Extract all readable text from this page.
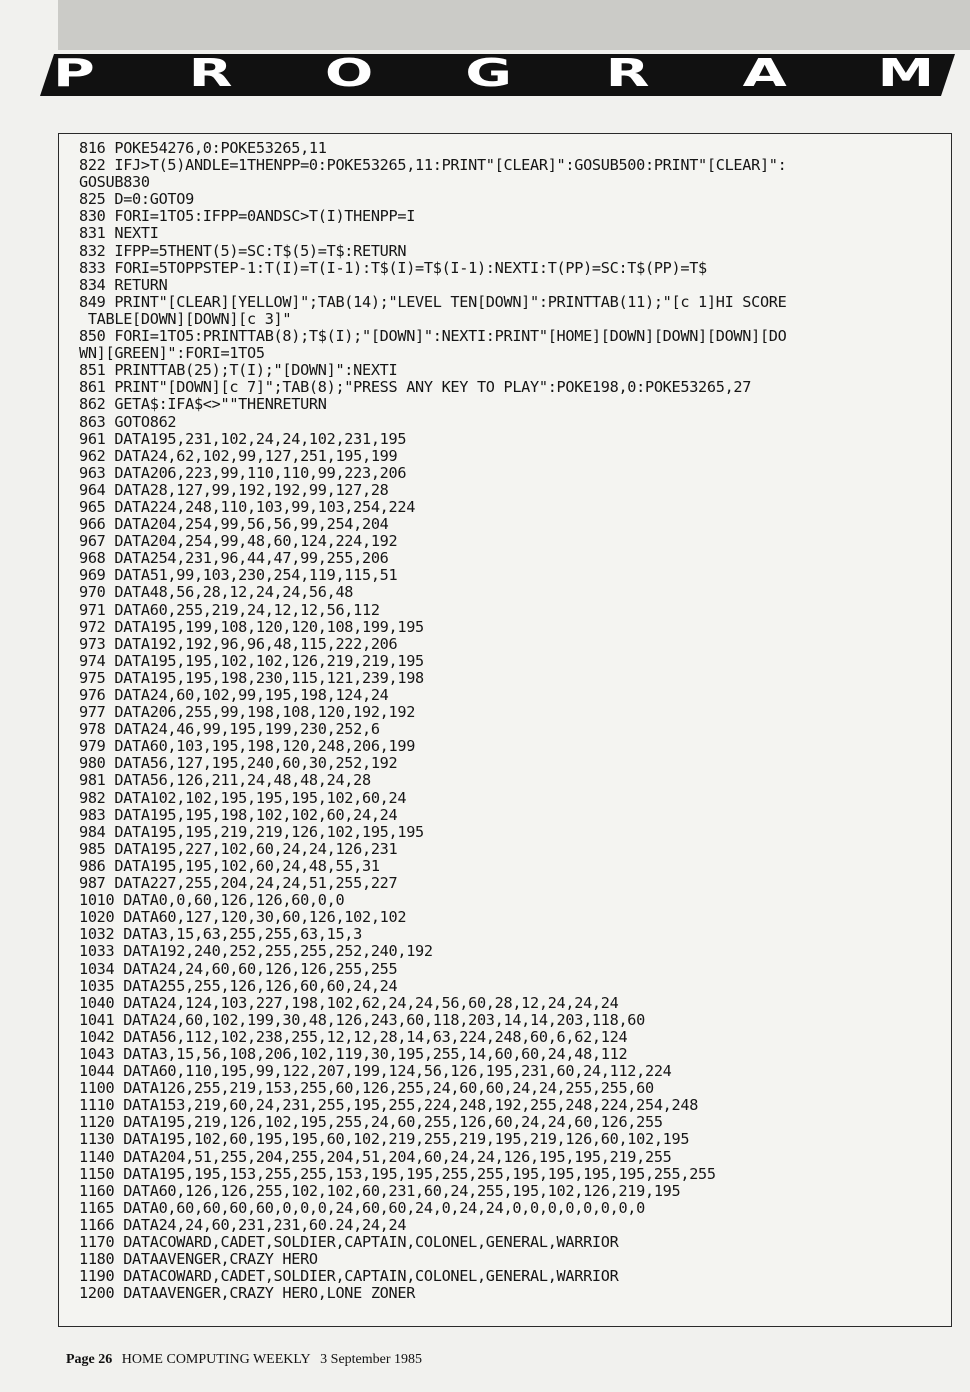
P R O G R A M
816 POKE54276,0:POKE53265,11
822 IFJ>T(5)ANDLE=1THENPP=0:POKE53265,11:PRINT"[CLEAR]":GOSUB500:PRINT"[CLEAR]":
GOSUB830
825 D=0:GOTO9
830 FORI=1TO5:IFPP=0ANDSC>T(I)THENPP=I
831 NEXTI
832 IFPP=5THENT(5)=SC:T$(5)=T$:RETURN
833 FORI=5TOPPSTEP-1:T(I)=T(I-1):T$(I)=T$(I-1):NEXTI:T(PP)=SC:T$(PP)=T$
834 RETURN
849 PRINT"[CLEAR][YELLOW]";TAB(14);"LEVEL TEN[DOWN]":PRINTTAB(11);"[c 1]HI SCORE
TABLE[DOWN][DOWN][c 3]"
850 FORI=1TO5:PRINTTAB(8);T$(I);"[DOWN]":NEXTI:PRINT"[HOME][DOWN][DOWN][DOWN][DO
WN][GREEN]":FORI=1TO5
851 PRINTTAB(25);T(I);"[DOWN]":NEXTI
861 PRINT"[DOWN][c 7]";TAB(8);"PRESS ANY KEY TO PLAY":POKE198,0:POKE53265,27
862 GETA$:IFA$<>""THENRETURN
863 GOTO862
961 DATA195,231,102,24,24,102,231,195
962 DATA24,62,102,99,127,251,195,199
963 DATA206,223,99,110,110,99,223,206
964 DATA28,127,99,192,192,99,127,28
965 DATA224,248,110,103,99,103,254,224
966 DATA204,254,99,56,56,99,254,204
967 DATA204,254,99,48,60,124,224,192
968 DATA254,231,96,44,47,99,255,206
969 DATA51,99,103,230,254,119,115,51
970 DATA48,56,28,12,24,24,56,48
971 DATA60,255,219,24,12,12,56,112
972 DATA195,199,108,120,120,108,199,195
973 DATA192,192,96,96,48,115,222,206
974 DATA195,195,102,102,126,219,219,195
975 DATA195,195,198,230,115,121,239,198
976 DATA24,60,102,99,195,198,124,24
977 DATA206,255,99,198,108,120,192,192
978 DATA24,46,99,195,199,230,252,6
979 DATA60,103,195,198,120,248,206,199
980 DATA56,127,195,240,60,30,252,192
981 DATA56,126,211,24,48,48,24,28
982 DATA102,102,195,195,195,102,60,24
983 DATA195,195,198,102,102,60,24,24
984 DATA195,195,219,219,126,102,195,195
985 DATA195,227,102,60,24,24,126,231
986 DATA195,195,102,60,24,48,55,31
987 DATA227,255,204,24,24,51,255,227
1010 DATA0,0,60,126,126,60,0,0
1020 DATA60,127,120,30,60,126,102,102
1032 DATA3,15,63,255,255,63,15,3
1033 DATA192,240,252,255,255,252,240,192
1034 DATA24,24,60,60,126,126,255,255
1035 DATA255,255,126,126,60,60,24,24
1040 DATA24,124,103,227,198,102,62,24,24,56,60,28,12,24,24,24
1041 DATA24,60,102,199,30,48,126,243,60,118,203,14,14,203,118,60
1042 DATA56,112,102,238,255,12,12,28,14,63,224,248,60,6,62,124
1043 DATA3,15,56,108,206,102,119,30,195,255,14,60,60,24,48,112
1044 DATA60,110,195,99,122,207,199,124,56,126,195,231,60,24,112,224
1100 DATA126,255,219,153,255,60,126,255,24,60,60,24,24,255,255,60
1110 DATA153,219,60,24,231,255,195,255,224,248,192,255,248,224,254,248
1120 DATA195,219,126,102,195,255,24,60,255,126,60,24,24,60,126,255
1130 DATA195,102,60,195,195,60,102,219,255,219,195,219,126,60,102,195
1140 DATA204,51,255,204,255,204,51,204,60,24,24,126,195,195,219,255
1150 DATA195,195,153,255,255,153,195,195,255,255,195,195,195,195,255,255
1160 DATA60,126,126,255,102,102,60,231,60,24,255,195,102,126,219,195
1165 DATA0,60,60,60,60,0,0,0,24,60,60,24,0,24,24,0,0,0,0,0,0,0,0
1166 DATA24,24,60,231,231,60.24,24,24
1170 DATACOWARD,CADET,SOLDIER,CAPTAIN,COLONEL,GENERAL,WARRIOR
1180 DATAAVENGER,CRAZY HERO
1190 DATACOWARD,CADET,SOLDIER,CAPTAIN,COLONEL,GENERAL,WARRIOR
1200 DATAAVENGER,CRAZY HERO,LONE ZONER
Page 26 HOME COMPUTING WEEKLY 3 September 1985
